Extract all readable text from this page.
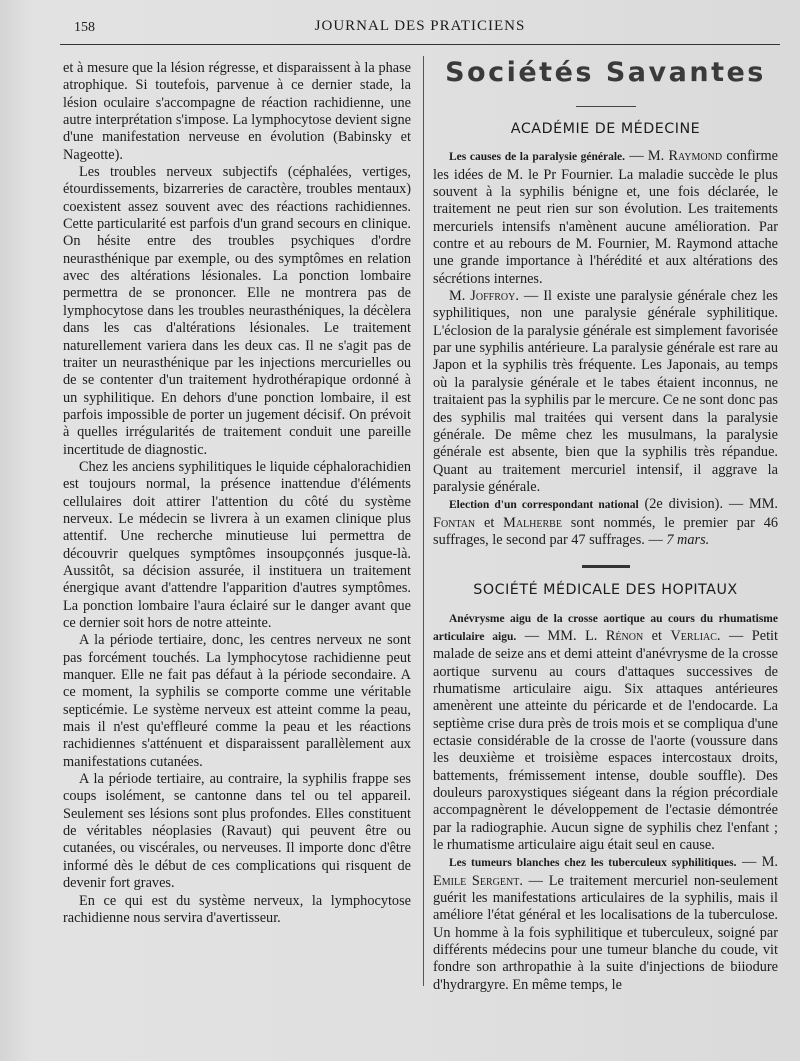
158	JOURNAL DES PRATICIENS

et à mesure que la lésion régresse, et disparaissent à la phase atrophique. Si toutefois, parvenue à ce dernier stade, la lésion oculaire s'accompagne de réaction rachidienne, une autre interprétation s'impose. La lymphocytose devient signe d'une manifestation nerveuse en évolution (Babinsky et Nageotte).

Les troubles nerveux subjectifs (céphalées, vertiges, étourdissements, bizarreries de caractère, troubles mentaux) coexistent assez souvent avec des réactions rachidiennes. Cette particularité est parfois d'un grand secours en clinique. On hésite entre des troubles psychiques d'ordre neurasthénique par exemple, ou des symptômes en relation avec des altérations lésionales. La ponction lombaire permettra de se prononcer. Elle ne montrera pas de lymphocytose dans les troubles neurasthéniques, la décèlera dans les cas d'altérations lésionales. Le traitement naturellement variera dans les deux cas. Il ne s'agit pas de traiter un neurasthénique par les injections mercurielles ou de se contenter d'un traitement hydrothérapique ordonné à un syphilitique. En dehors d'une ponction lombaire, il est parfois impossible de porter un jugement décisif. On prévoit à quelles irrégularités de traitement conduit une pareille incertitude de diagnostic.

Chez les anciens syphilitiques le liquide céphalorachidien est toujours normal, la présence inattendue d'éléments cellulaires doit attirer l'attention du côté du système nerveux. Le médecin se livrera à un examen clinique plus attentif. Une recherche minutieuse lui permettra de découvrir quelques symptômes insoupçonnés jusque-là. Aussitôt, sa décision assurée, il instituera un traitement énergique avant d'attendre l'apparition d'autres symptômes. La ponction lombaire l'aura éclairé sur le danger avant que ce dernier soit hors de notre atteinte.

A la période tertiaire, donc, les centres nerveux ne sont pas forcément touchés. La lymphocytose rachidienne peut manquer. Elle ne fait pas défaut à la période secondaire. A ce moment, la syphilis se comporte comme une véritable septicémie. Le système nerveux est atteint comme la peau, mais il n'est qu'effleuré comme la peau et les réactions rachidiennes s'atténuent et disparaissent parallèlement aux manifestations cutanées.

A la période tertiaire, au contraire, la syphilis frappe ses coups isolément, se cantonne dans tel ou tel appareil. Seulement ses lésions sont plus profondes. Elles constituent de véritables néoplasies (Ravaut) qui peuvent être ou cutanées, ou viscérales, ou nerveuses. Il importe donc d'être informé dès le début de ces complications qui risquent de devenir fort graves.

En ce qui est du système nerveux, la lymphocytose rachidienne nous servira d'avertisseur.

Sociétés Savantes
ACADÉMIE DE MÉDECINE

Les causes de la paralysie générale. — M. Raymond confirme les idées de M. le Pr Fournier. La maladie succède le plus souvent à la syphilis bénigne et, une fois déclarée, le traitement ne peut rien sur son évolution. Les traitements mercuriels intensifs n'amènent aucune amélioration. Par contre et au rebours de M. Fournier, M. Raymond attache une grande importance à l'hérédité et aux altérations des sécrétions internes.

M. Joffroy. — Il existe une paralysie générale chez les syphilitiques, non une paralysie générale syphilitique. L'éclosion de la paralysie générale est simplement favorisée par une syphilis antérieure. La paralysie générale est rare au Japon et la syphilis très fréquente. Les Japonais, au temps où la paralysie générale et le tabes étaient inconnus, ne traitaient pas la syphilis par le mercure. Ce ne sont donc pas des syphilis mal traitées qui versent dans la paralysie générale. De même chez les musulmans, la paralysie générale est absente, bien que la syphilis très répandue. Quant au traitement mercuriel intensif, il aggrave la paralysie générale.

Election d'un correspondant national (2e division). — MM. Fontan et Malherbe sont nommés, le premier par 46 suffrages, le second par 47 suffrages. — 7 mars.

SOCIÉTÉ MÉDICALE DES HOPITAUX

Anévrysme aigu de la crosse aortique au cours du rhumatisme articulaire aigu. — MM. L. Rénon et Verliac. — Petit malade de seize ans et demi atteint d'anévrysme de la crosse aortique survenu au cours d'attaques successives de rhumatisme articulaire aigu. Six attaques antérieures amenèrent une atteinte du péricarde et de l'endocarde. La septième crise dura près de trois mois et se compliqua d'une ectasie considérable de la crosse de l'aorte (voussure dans les deuxième et troisième espaces intercostaux droits, battements, frémissement intense, double souffle). Des douleurs paroxystiques siégeant dans la région précordiale accompagnèrent le développement de l'ectasie démontrée par la radiographie. Aucun signe de syphilis chez l'enfant ; le rhumatisme articulaire aigu était seul en cause.

Les tumeurs blanches chez les tuberculeux syphilitiques. — M. Emile Sergent. — Le traitement mercuriel non-seulement guérit les manifestations articulaires de la syphilis, mais il améliore l'état général et les localisations de la tuberculose. Un homme à la fois syphilitique et tuberculeux, soigné par différents médecins pour une tumeur blanche du coude, vit fondre son arthropathie à la suite d'injections de biiodure d'hydrargyre. En même temps, le
